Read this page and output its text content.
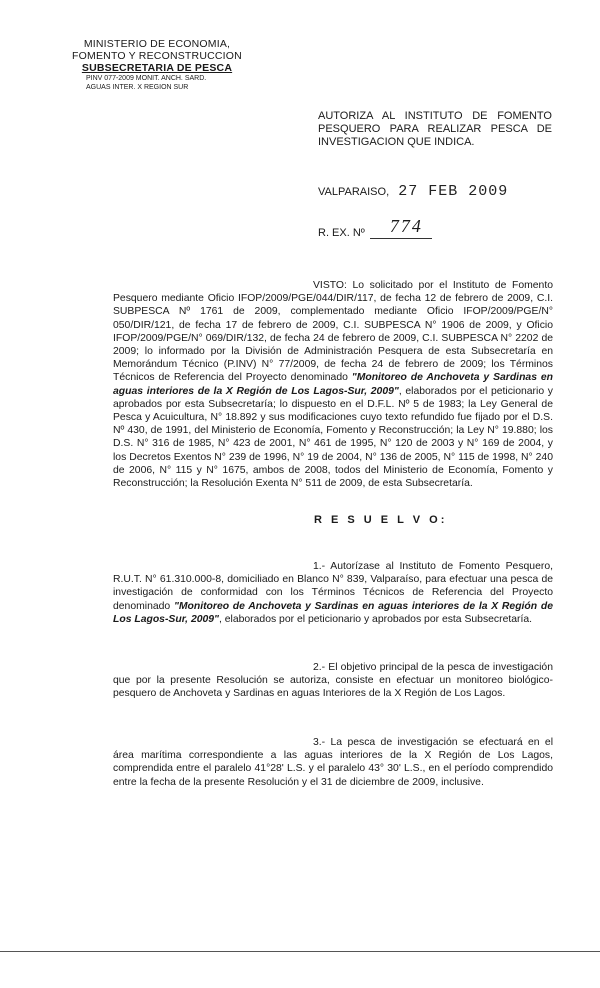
MINISTERIO DE ECONOMIA,
FOMENTO Y RECONSTRUCCION
SUBSECRETARIA DE PESCA
PINV 077-2009 MONIT. ANCH. SARD.
AGUAS INTER. X REGION SUR
AUTORIZA AL INSTITUTO DE FOMENTO PESQUERO PARA REALIZAR PESCA DE INVESTIGACION QUE INDICA.
VALPARAISO, 27 FEB 2009
R. EX. Nº 774
VISTO: Lo solicitado por el Instituto de Fomento Pesquero mediante Oficio IFOP/2009/PGE/044/DIR/117, de fecha 12 de febrero de 2009, C.I. SUBPESCA Nº 1761 de 2009, complementado mediante Oficio IFOP/2009/PGE/N° 050/DIR/121, de fecha 17 de febrero de 2009, C.I. SUBPESCA N° 1906 de 2009, y Oficio IFOP/2009/PGE/N° 069/DIR/132, de fecha 24 de febrero de 2009, C.I. SUBPESCA N° 2202 de 2009; lo informado por la División de Administración Pesquera de esta Subsecretaría en Memorándum Técnico (P.INV) N° 77/2009, de fecha 24 de febrero de 2009; los Términos Técnicos de Referencia del Proyecto denominado "Monitoreo de Anchoveta y Sardinas en aguas interiores de la X Región de Los Lagos-Sur, 2009", elaborados por el peticionario y aprobados por esta Subsecretaría; lo dispuesto en el D.F.L. Nº 5 de 1983; la Ley General de Pesca y Acuicultura, N° 18.892 y sus modificaciones cuyo texto refundido fue fijado por el D.S. Nº 430, de 1991, del Ministerio de Economía, Fomento y Reconstrucción; la Ley N° 19.880; los D.S. N° 316 de 1985, N° 423 de 2001, N° 461 de 1995, N° 120 de 2003 y N° 169 de 2004, y los Decretos Exentos N° 239 de 1996, N° 19 de 2004, N° 136 de 2005, N° 115 de 1998, N° 240 de 2006, N° 115 y N° 1675, ambos de 2008, todos del Ministerio de Economía, Fomento y Reconstrucción; la Resolución Exenta N° 511 de 2009, de esta Subsecretaría.
R E S U E L V O:
1.- Autorízase al Instituto de Fomento Pesquero, R.U.T. N° 61.310.000-8, domiciliado en Blanco N° 839, Valparaíso, para efectuar una pesca de investigación de conformidad con los Términos Técnicos de Referencia del Proyecto denominado "Monitoreo de Anchoveta y Sardinas en aguas interiores de la X Región de Los Lagos-Sur, 2009", elaborados por el peticionario y aprobados por esta Subsecretaría.
2.- El objetivo principal de la pesca de investigación que por la presente Resolución se autoriza, consiste en efectuar un monitoreo biológico-pesquero de Anchoveta y Sardinas en aguas Interiores de la X Región de Los Lagos.
3.- La pesca de investigación se efectuará en el área marítima correspondiente a las aguas interiores de la X Región de Los Lagos, comprendida entre el paralelo 41°28' L.S. y el paralelo 43° 30' L.S., en el período comprendido entre la fecha de la presente Resolución y el 31 de diciembre de 2009, inclusive.
